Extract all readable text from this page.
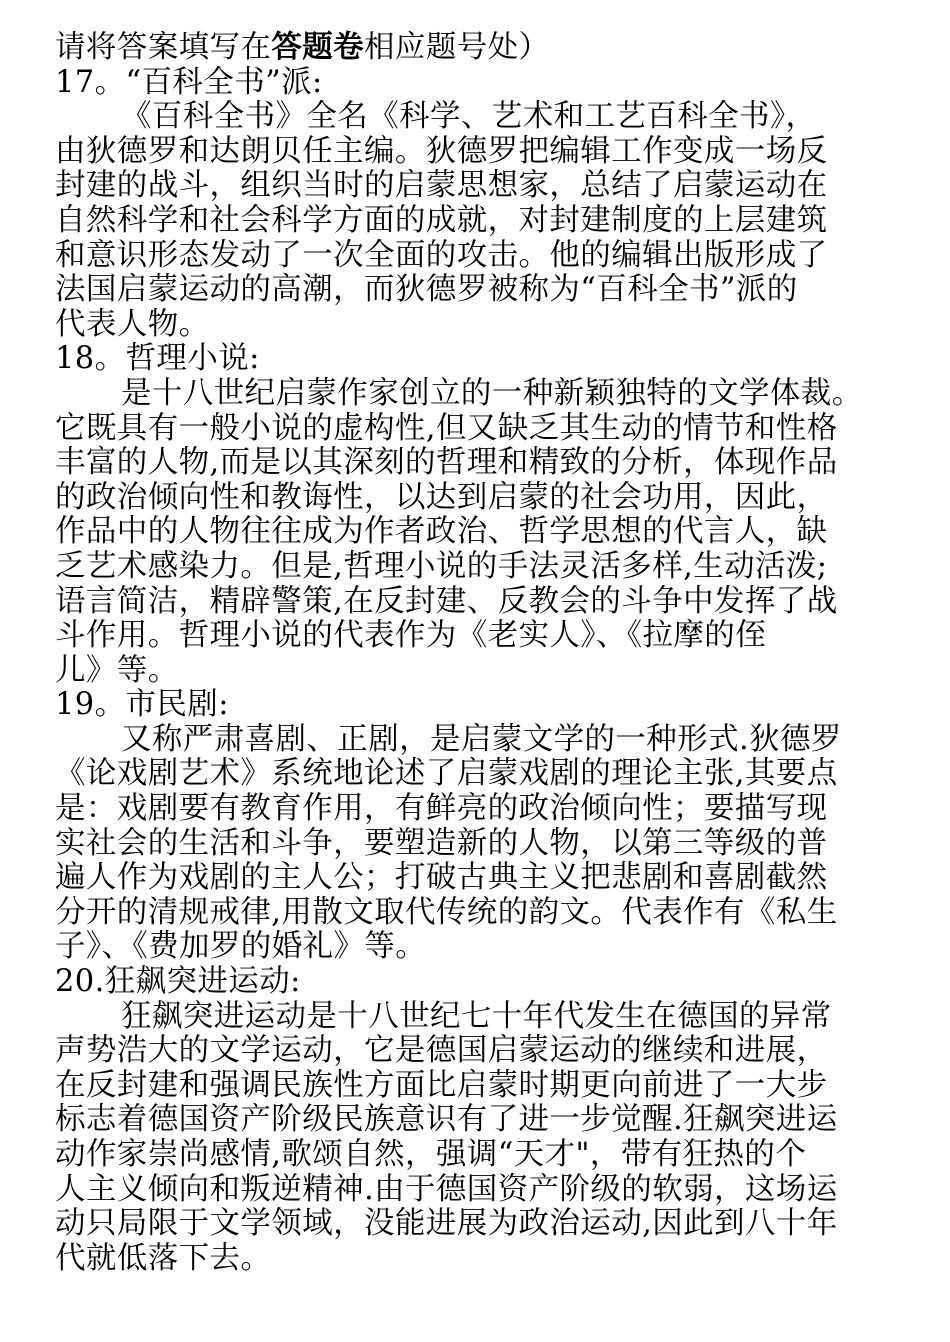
请将答案填写在答题卷相应题号处）
17。“百科全书”派:
《百科全书》全名《科学、艺术和工艺百科全书》，
由狄德罗和达朗贝任主编。狄德罗把编辑工作变成一场反
封建的战斗，组织当时的启蒙思想家，总结了启蒙运动在
自然科学和社会科学方面的成就，对封建制度的上层建筑
和意识形态发动了一次全面的攻击。他的编辑出版形成了
法国启蒙运动的高潮，而狄德罗被称为“百科全书”派的
代表人物。
18。哲理小说:
是十八世纪启蒙作家创立的一种新颖独特的文学体裁。
它既具有一般小说的虚构性,但又缺乏其生动的情节和性格
丰富的人物,而是以其深刻的哲理和精致的分析，体现作品
的政治倾向性和教诲性，以达到启蒙的社会功用，因此，
作品中的人物往往成为作者政治、哲学思想的代言人，缺
乏艺术感染力。但是,哲理小说的手法灵活多样,生动活泼;
语言简洁，精辟警策,在反封建、反教会的斗争中发挥了战
斗作用。哲理小说的代表作为《老实人》、《拉摩的侄
儿》等。
19。市民剧:
又称严肃喜剧、正剧，是启蒙文学的一种形式.狄德罗
《论戏剧艺术》系统地论述了启蒙戏剧的理论主张,其要点
是：戏剧要有教育作用，有鲜亮的政治倾向性；要描写现
实社会的生活和斗争，要塑造新的人物，以第三等级的普
遍人作为戏剧的主人公；打破古典主义把悲剧和喜剧截然
分开的清规戒律,用散文取代传统的韵文。代表作有《私生
子》、《费加罗的婚礼》等。
20.狂飙突进运动:
狂飙突进运动是十八世纪七十年代发生在德国的异常
声势浩大的文学运动，它是德国启蒙运动的继续和进展，
在反封建和强调民族性方面比启蒙时期更向前进了一大步
标志着德国资产阶级民族意识有了进一步觉醒.狂飙突进运
动作家崇尚感情,歌颂自然，强调“天才"，带有狂热的个
人主义倾向和叛逆精神.由于德国资产阶级的软弱，这场运
动只局限于文学领域，没能进展为政治运动,因此到八十年
代就低落下去。
